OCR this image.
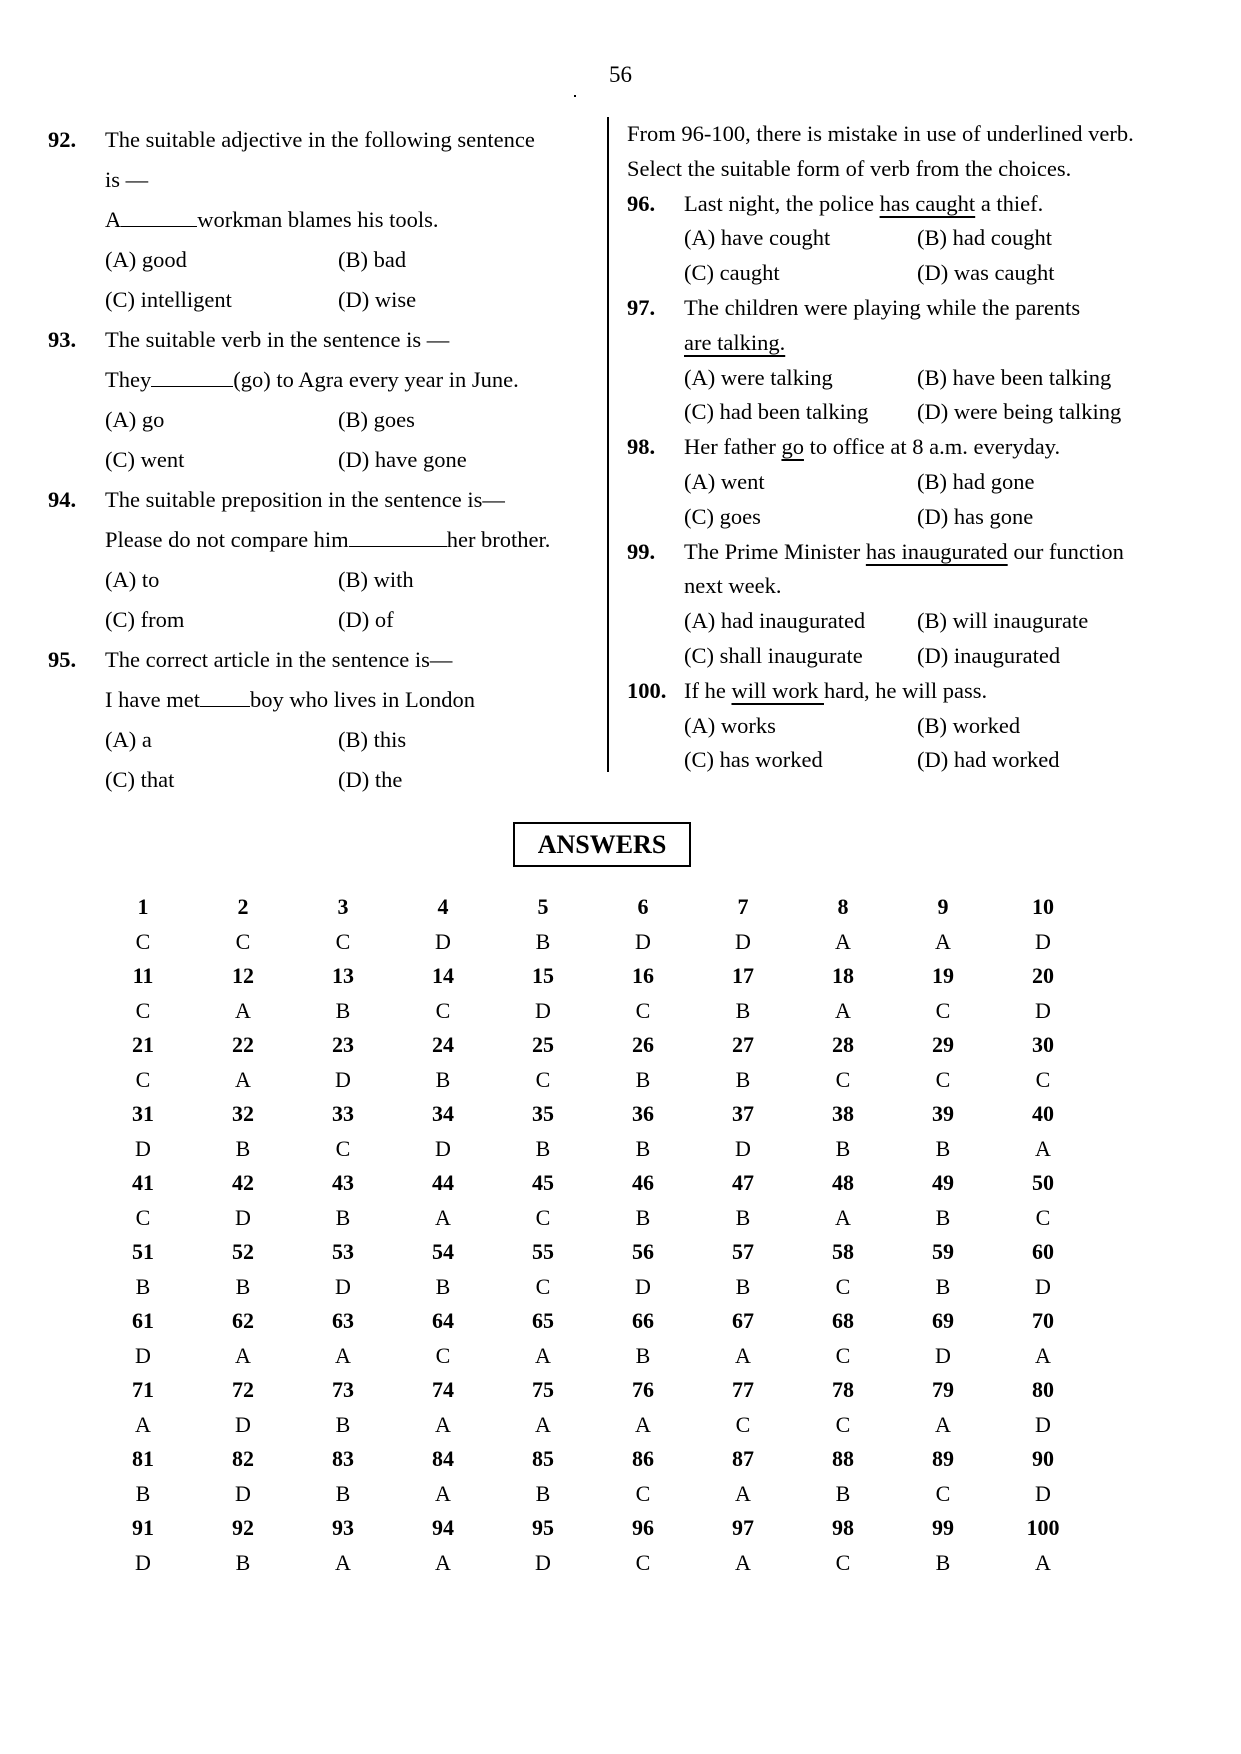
56
92. The suitable adjective in the following sentence
is —
A	workman blames his tools.
(A) good	(B) bad
(C) intelligent	(D) wise
93. The suitable verb in the sentence is —
They	(go) to Agra every year in June.
(A) go	(B) goes
(C) went	(D) have gone
94. The suitable preposition in the sentence is—
Please do not compare him	her brother.
(A) to	(B) with
(C) from	(D) of
95. The correct article in the sentence is—
I have met boy who lives in London
(A) a	(B) this
(C) that	(D) the
From 96-100, there is mistake in use of underlined verb.
Select the suitable form of verb from the choices.
96. Last night, the police has caught a thief.
(A) have cought	(B) had cought
(C) caught	(D) was caught
97. The children were playing while the parents
are talking.
(A) were talking	(B) have been talking
(C) had been talking	(D) were being talking
98. Her father go to office at 8 a.m. everyday.
(A) went	(B) had gone
(C) goes	(D) has gone
99. The Prime Minister has inaugurated our function
next week.
(A) had inaugurated	(B) will inaugurate
(C) shall inaugurate	(D) inaugurated
100. If he will work hard, he will pass.
(A) works	(B) worked
(C) has worked	(D) had worked
ANSWERS
1	2	3	4	5	6	7	8	9	10
C	C	C	D	B	D	D	A	A	D
11	12	13	14	15	16	17	18	19	20
C	A	B	C	D	C	B	A	C	D
21	22	23	24	25	26	27	28	29	30
C	A	D	B	C	B	B	C	C	C
31	32	33	34	35	36	37	38	39	40
D	B	C	D	B	B	D	B	B	A
41	42	43	44	45	46	47	48	49	50
C	D	B	A	C	B	B	A	B	C
51	52	53	54	55	56	57	58	59	60
B	B	D	B	C	D	B	C	B	D
61	62	63	64	65	66	67	68	69	70
D	A	A	C	A	B	A	C	D	A
71	72	73	74	75	76	77	78	79	80
A	D	B	A	A	A	C	C	A	D
81	82	83	84	85	86	87	88	89	90
B	D	B	A	B	C	A	B	C	D
91	92	93	94	95	96	97	98	99	100
D	B	A	A	D	C	A	C	B	A
